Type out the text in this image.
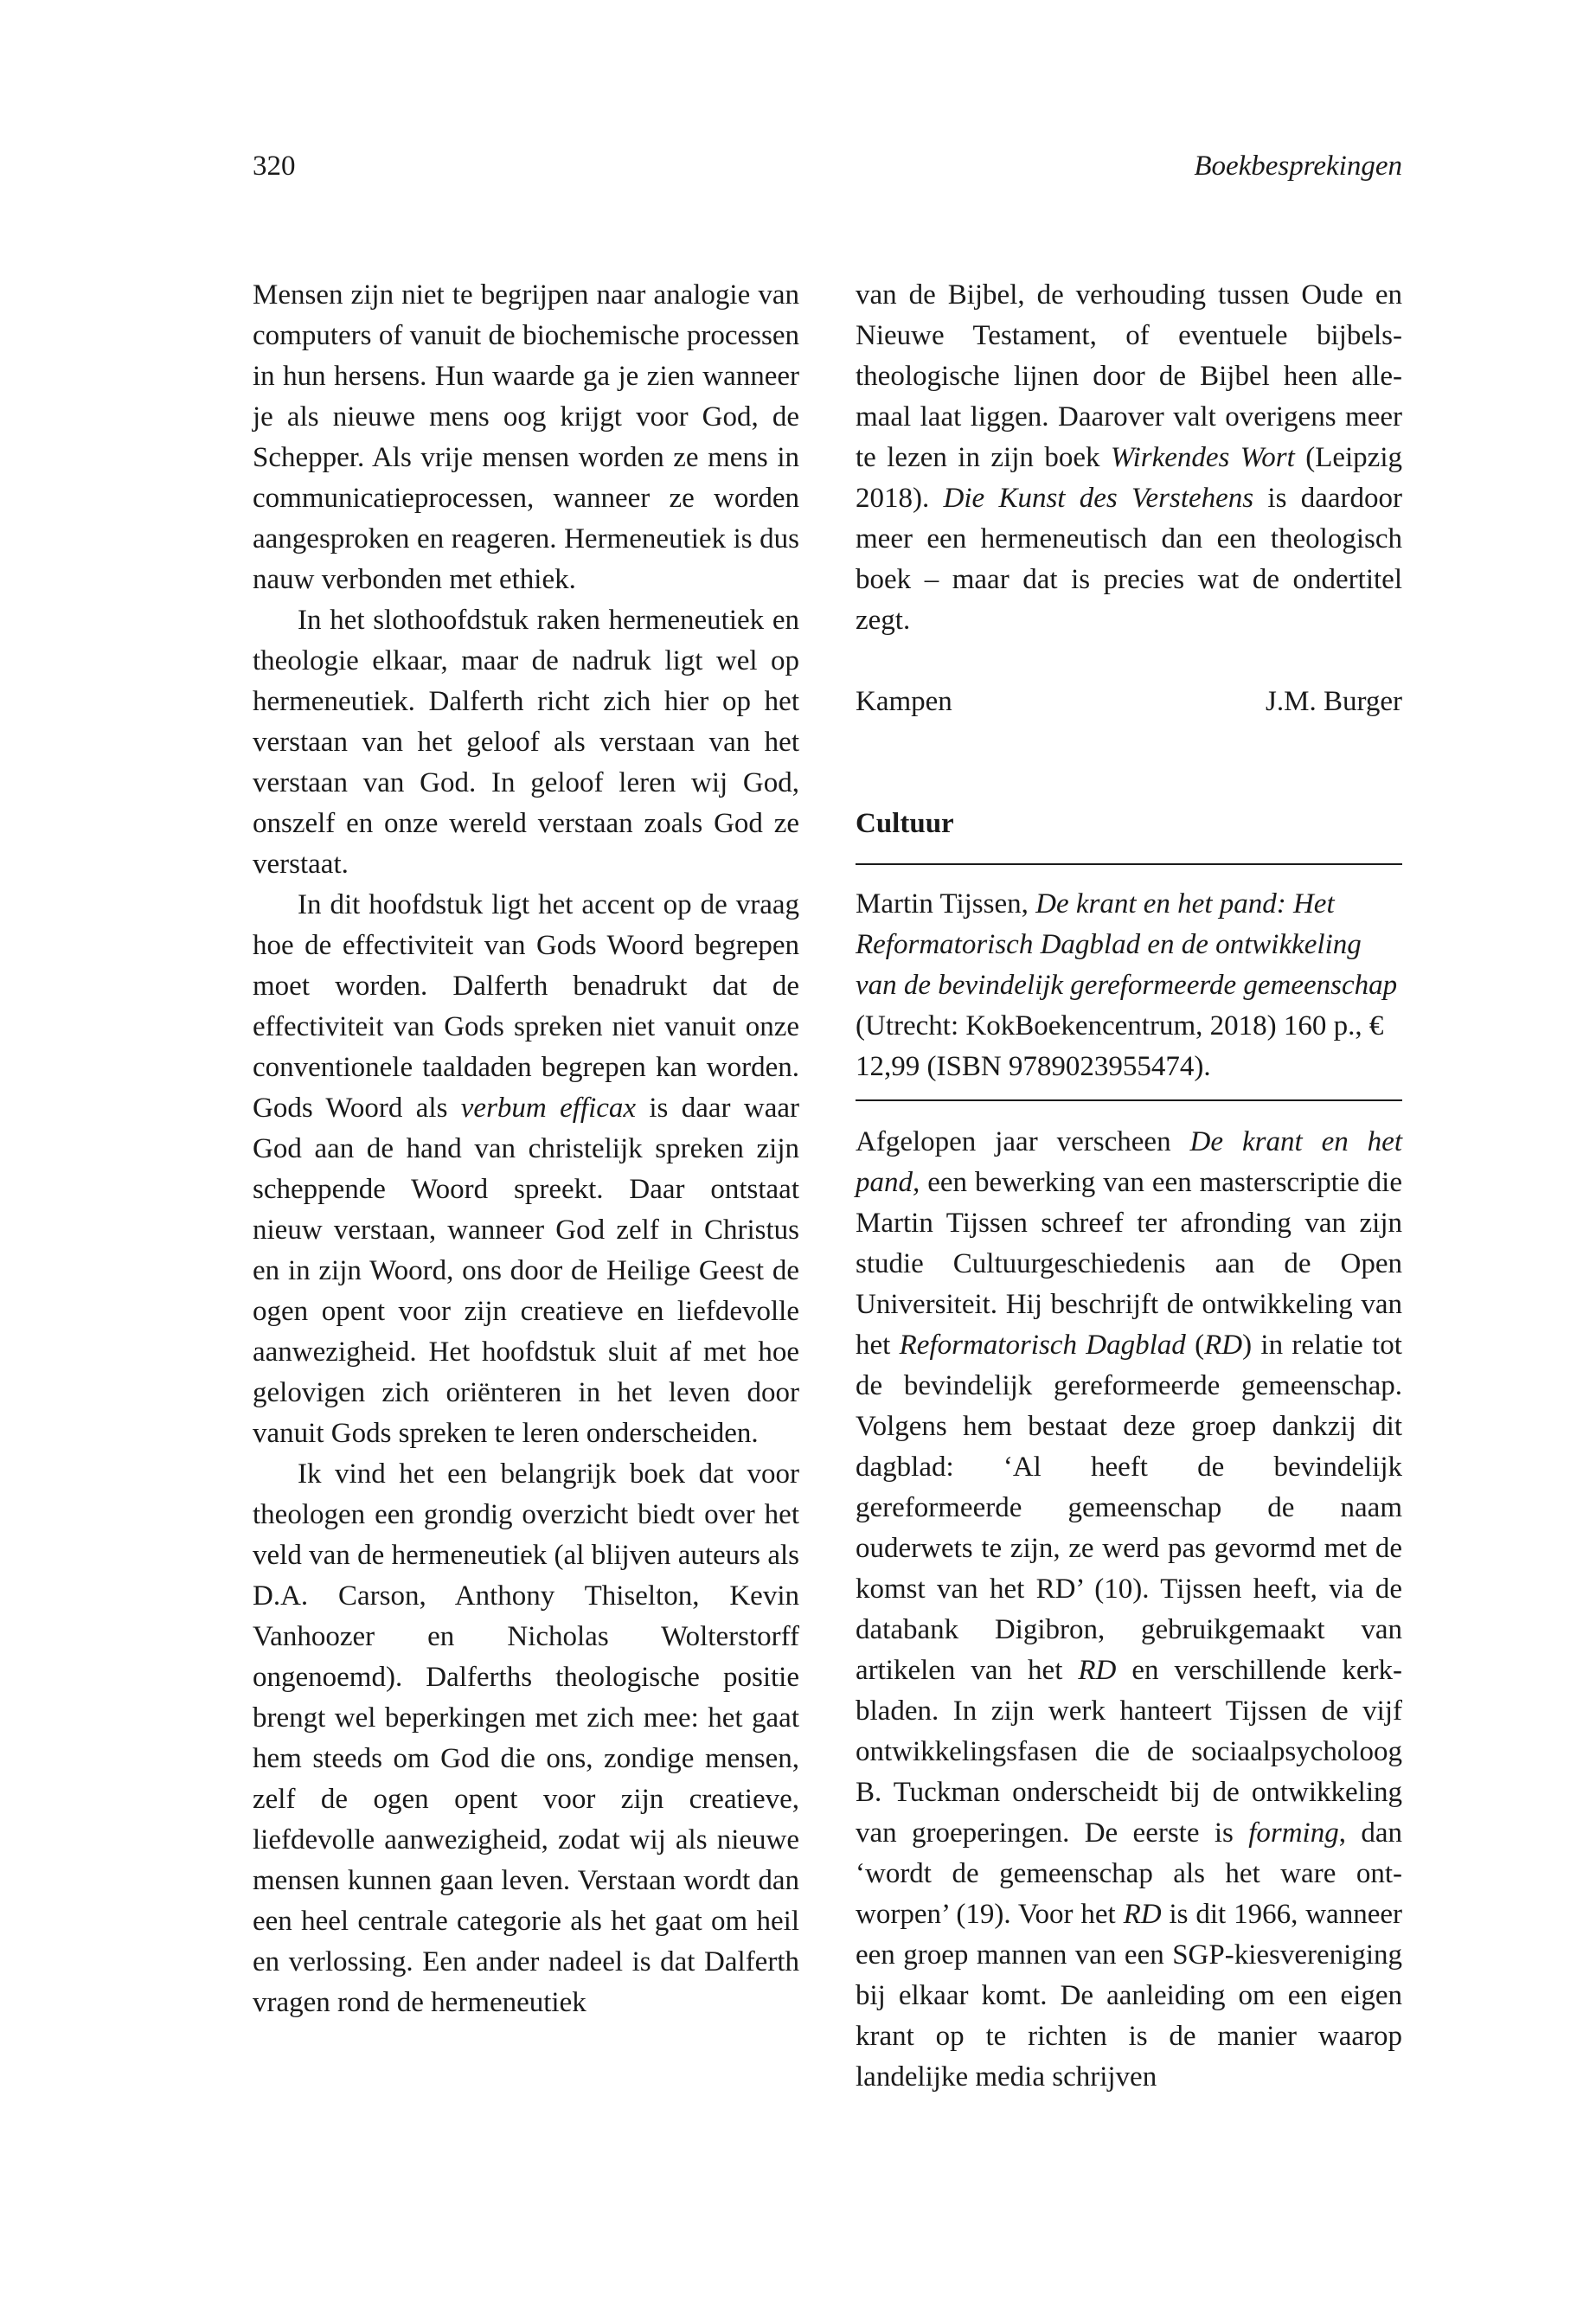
320	Boekbesprekingen

Mensen zijn niet te begrijpen naar analogie van computers of vanuit de biochemische processen in hun hersens. Hun waarde ga je zien wanneer je als nieuwe mens oog krijgt voor God, de Schepper. Als vrije mensen worden ze mens in communicatieprocessen, wanneer ze worden aangesproken en reageren. Hermeneutiek is dus nauw verbonden met ethiek.

In het slothoofdstuk raken hermeneutiek en theologie elkaar, maar de nadruk ligt wel op hermeneutiek. Dalferth richt zich hier op het verstaan van het geloof als verstaan van het verstaan van God. In geloof leren wij God, onszelf en onze wereld verstaan zoals God ze verstaat.

In dit hoofdstuk ligt het accent op de vraag hoe de effectiviteit van Gods Woord begrepen moet worden. Dalferth benadrukt dat de effectiviteit van Gods spreken niet vanuit onze conventionele taaldaden begrepen kan worden. Gods Woord als verbum efficax is daar waar God aan de hand van christelijk spreken zijn scheppende Woord spreekt. Daar ontstaat nieuw verstaan, wanneer God zelf in Christus en in zijn Woord, ons door de Heilige Geest de ogen opent voor zijn creatieve en liefdevolle aanwezigheid. Het hoofdstuk sluit af met hoe gelovigen zich oriënteren in het leven door vanuit Gods spreken te leren onderscheiden.

Ik vind het een belangrijk boek dat voor theologen een grondig overzicht biedt over het veld van de hermeneutiek (al blijven auteurs als D.A. Carson, Anthony Thiselton, Kevin Vanhoozer en Nicholas Wolterstorff ongenoemd). Dalferths theologische positie brengt wel beperkingen met zich mee: het gaat hem steeds om God die ons, zondige mensen, zelf de ogen opent voor zijn creatieve, liefdevolle aanwezigheid, zodat wij als nieuwe mensen kunnen gaan leven. Verstaan wordt dan een heel centrale categorie als het gaat om heil en verlossing. Een ander nadeel is dat Dalferth vragen rond de hermeneutiek

van de Bijbel, de verhouding tussen Oude en Nieuwe Testament, of eventuele bijbelstheologische lijnen door de Bijbel heen allemaal laat liggen. Daarover valt overigens meer te lezen in zijn boek Wirkendes Wort (Leipzig 2018). Die Kunst des Verstehens is daardoor meer een hermeneutisch dan een theologisch boek – maar dat is precies wat de ondertitel zegt.

Kampen	J.M. Burger
Cultuur

Martin Tijssen, De krant en het pand: Het Reformatorisch Dagblad en de ontwikkeling van de bevindelijk gereformeerde gemeenschap (Utrecht: KokBoekencentrum, 2018) 160 p., € 12,99 (ISBN 9789023955474).

Afgelopen jaar verscheen De krant en het pand, een bewerking van een masterscriptie die Martin Tijssen schreef ter afronding van zijn studie Cultuurgeschiedenis aan de Open Universiteit. Hij beschrijft de ontwikkeling van het Reformatorisch Dagblad (RD) in relatie tot de bevindelijk gereformeerde gemeenschap. Volgens hem bestaat deze groep dankzij dit dagblad: ‘Al heeft de bevindelijk gereformeerde gemeenschap de naam ouderwets te zijn, ze werd pas gevormd met de komst van het RD’ (10). Tijssen heeft, via de databank Digibron, gebruikgemaakt van artikelen van het RD en verschillende kerkbladen. In zijn werk hanteert Tijssen de vijf ontwikkelingsfasen die de sociaalpsycholoog B. Tuckman onderscheidt bij de ontwikkeling van groeperingen. De eerste is forming, dan ‘wordt de gemeenschap als het ware ontworpen’ (19). Voor het RD is dit 1966, wanneer een groep mannen van een SGP-kiesvereniging bij elkaar komt. De aanleiding om een eigen krant op te richten is de manier waarop landelijke media schrijven
